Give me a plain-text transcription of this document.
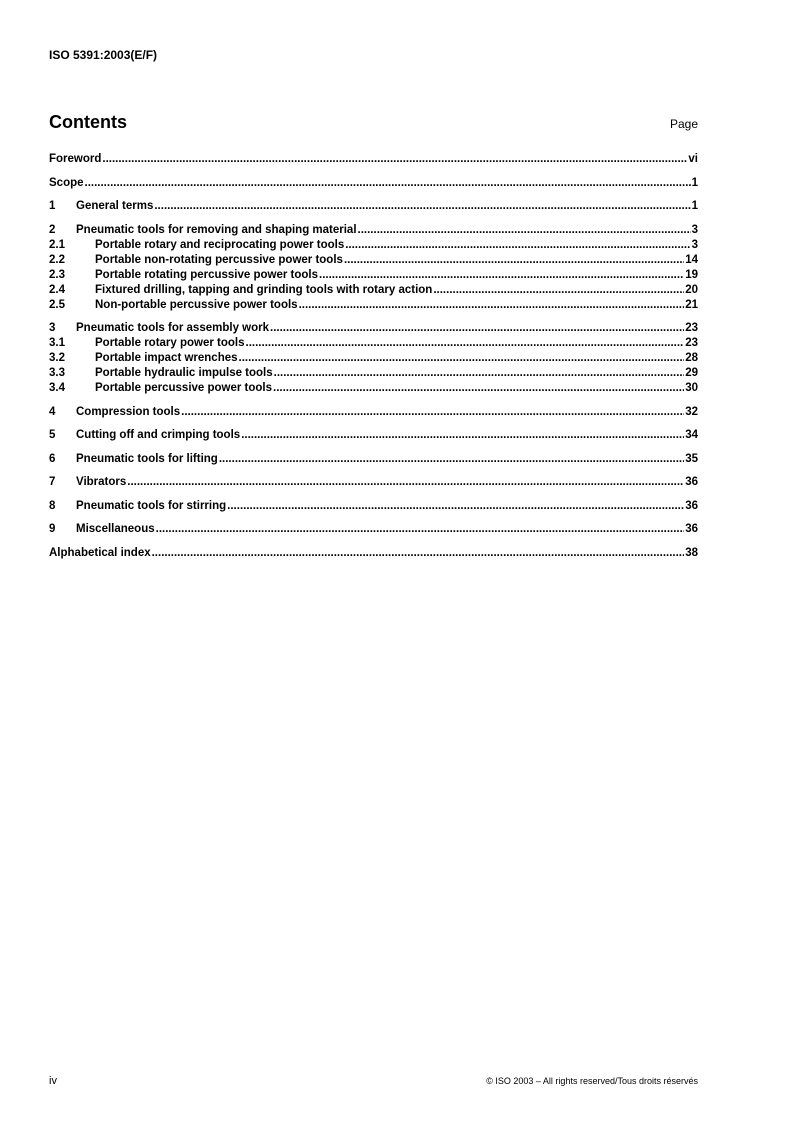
ISO 5391:2003(E/F)
Contents	Page
Foreword .....	vi
Scope .....	1
1	General terms .....	1
2	Pneumatic tools for removing and shaping material .....	3
2.1	Portable rotary and reciprocating power tools .....	3
2.2	Portable non-rotating percussive power tools .....	14
2.3	Portable rotating percussive power tools .....	19
2.4	Fixtured drilling, tapping and grinding tools with rotary action .....	20
2.5	Non-portable percussive power tools .....	21
3	Pneumatic tools for assembly work .....	23
3.1	Portable rotary power tools .....	23
3.2	Portable impact wrenches .....	28
3.3	Portable hydraulic impulse tools .....	29
3.4	Portable percussive power tools .....	30
4	Compression tools .....	32
5	Cutting off and crimping tools .....	34
6	Pneumatic tools for lifting .....	35
7	Vibrators .....	36
8	Pneumatic tools for stirring .....	36
9	Miscellaneous .....	36
Alphabetical index .....	38
iv	© ISO 2003 – All rights reserved/Tous droits réservés
